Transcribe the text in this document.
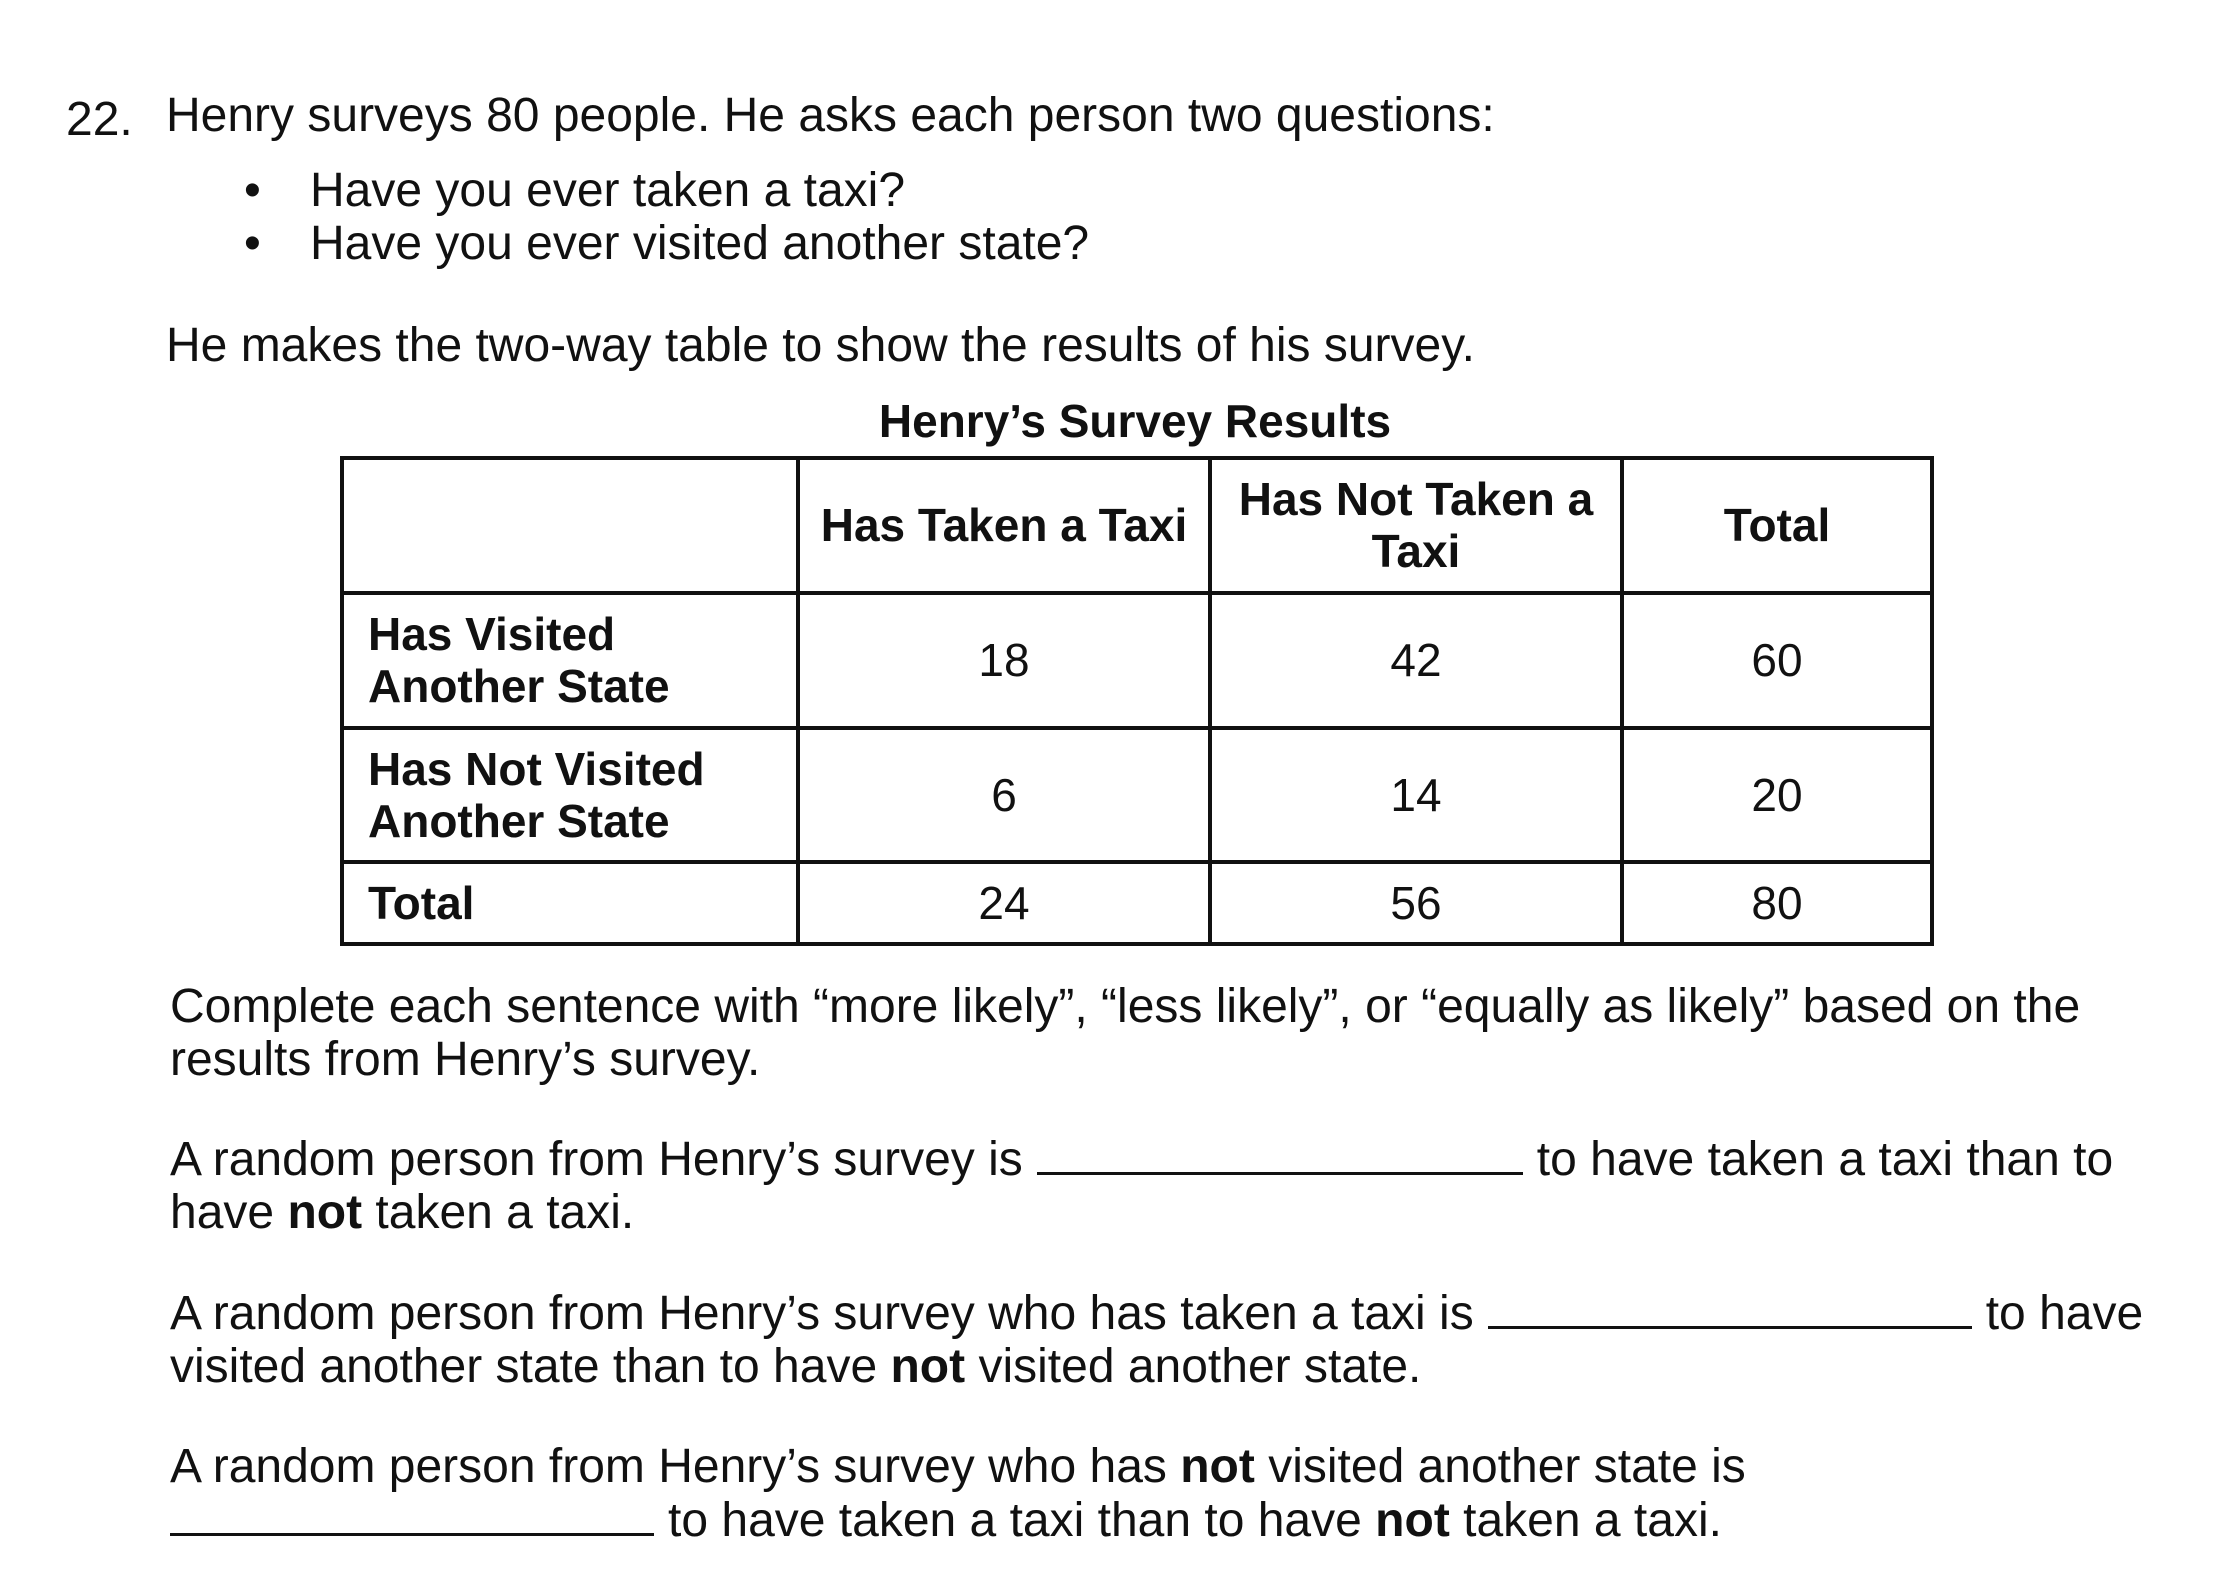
22. Henry surveys 80 people. He asks each person two questions:
• Have you ever taken a taxi?
• Have you ever visited another state?
He makes the two-way table to show the results of his survey.
Henry’s Survey Results
	Has Taken a Taxi	Has Not Taken a Taxi	Total
Has Visited Another State	18	42	60
Has Not Visited Another State	6	14	20
Total	24	56	80
Complete each sentence with “more likely”, “less likely”, or “equally as likely” based on the results from Henry’s survey.
A random person from Henry’s survey is	to have taken a taxi than to have not taken a taxi.
A random person from Henry’s survey who has taken a taxi is	to have visited another state than to have not visited another state.
A random person from Henry’s survey who has not visited another state is
to have taken a taxi than to have not taken a taxi.
